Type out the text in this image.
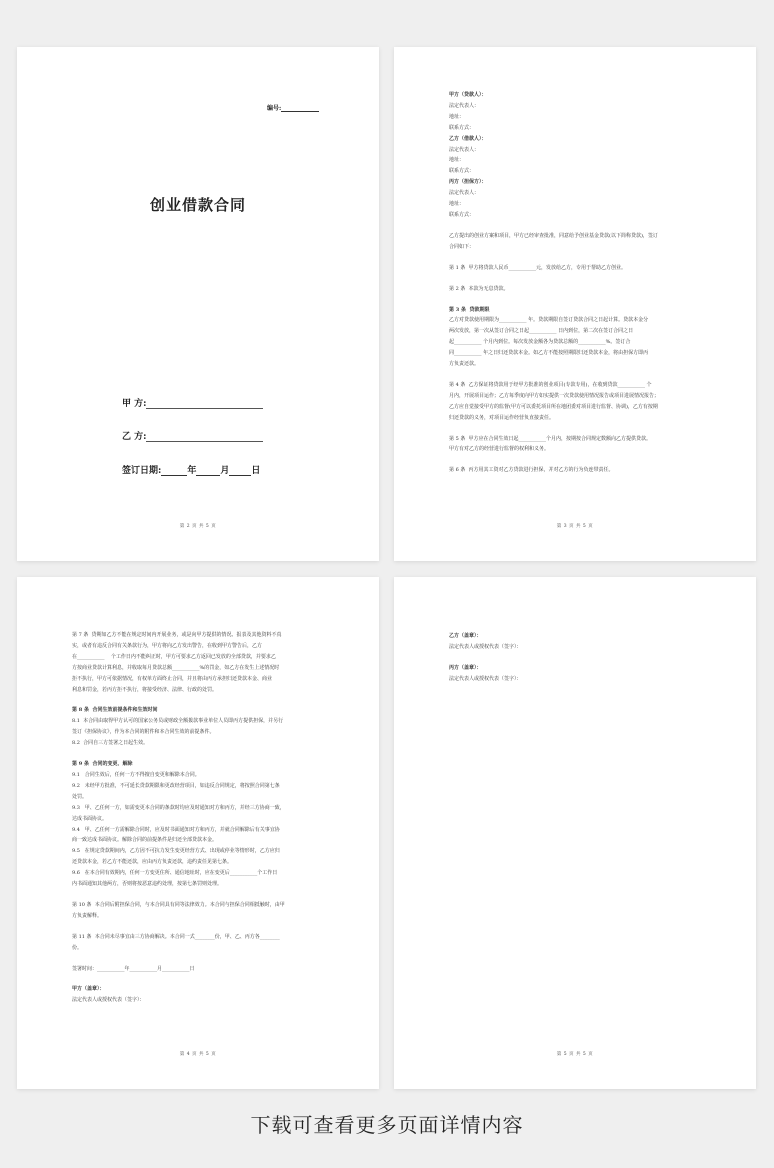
编号:
创业借款合同
甲 方:
乙 方:
签订日期:	年	月 日
第 2 页 共 5 页

甲方（贷款人）：

法定代表人：

地址：

联系方式：

乙方（借款人）：

法定代表人：

地址：

联系方式：

丙方（担保方）：

法定代表人：

地址：

联系方式：

乙方提出的创业方案和项目，甲方已经审查批准，同意给予创业基金贷款(以下简称贷款)，签订

合同如下：

第 1 条  甲方将贷款人民币___________元，发放给乙方，专用于帮助乙方创业。

第 2 条  本款为无息贷款。

第 3 条  贷款期限

乙方对贷款使用期限为___________ 年。贷款期限自签订贷款合同之日起计算。贷款本金分

两次发放，第一次从签订合同之日起___________ 日内到位，第二次在签订合同之日

起___________ 个月内到位。每次发放金额各为贷款总额的___________%。签订合

同___________ 年之日归还贷款本金。如乙方不能按照期限归还贷款本金，将由担保方即丙

方负责还款。

第 4 条  乙方保证将贷款用于经甲方批准的创业项目(专款专用)，在收到贷款___________ 个

月内，开展项目运作；乙方每季度向甲方如实提供一次贷款使用情况报告或项目进展情况报告；

乙方应自觉接受甲方的监督(甲方可以委托项目所在地团委对项目进行监督、协调)，乙方有按期

归还贷款的义务，对项目运作经营负直接责任。

第 5 条  甲方应在合同生效日起___________个月内，按期按合同规定数额向乙方提供贷款。

甲方有对乙方的经营进行监督的权利和义务。

第 6 条  丙方用其工资对乙方贷款进行担保，并对乙方的行为负连带责任。

第 3 页 共 5 页

第 7 条  贷期如乙方不能在规定时间内开展业务，或是向甲方提供的情况、报表及其他资料不真

实，或者有违反合同有关条款行为，甲方将向乙方发出警告，在收到甲方警告后，乙方

在___________    个工作日内不能纠正时，甲方可要求乙方返回已发放的全部贷款，并要求乙

方按商业贷款计算利息，并收取每月贷款总额___________%的罚金，如乙方在发生上述情况时

拒不执行，甲方可依据情况，有权单方面终止合同，并且将由丙方承担归还贷款本金、商业

利息和罚金，若丙方拒不执行，将接受经济、法律、行政的处罚。

第 8 条  合同生效前提条件和生效时间

8.1  本合同由取得甲方认可的国家公务员或财政全额拨款事业单位人员即丙方提供担保，并另行

签订《担保协议》，作为本合同的附件和本合同生效的前提条件。

8.2  合同自三方签署之日起生效。

第 9 条  合同的变更、解除

9.1   合同生效后，任何一方不得擅自变更和解除本合同。

9.2   未经甲方批准，不可延长贷款期限和更改经营项目，如违反合同规定，将按照合同第七条

处罚。

9.3   甲、乙任何一方，如需变更本合同的条款时均应及时通知对方和丙方，并经三方协商一致，

达成书面协议。

9.4   甲、乙任何一方需解除合同时，应及时书面通知对方和丙方，并就合同解除后有关事宜协

商一致达成书面协议。解除合同的前提条件是归还全部贷款本金。

9.5   在规定贷款期间内，乙方因不可抗力发生变更经营方式、出现或停业等情形时，乙方应归

还贷款本金，若乙方不能还款，应由丙方负责还款，违约责任见第七条。

9.6   在本合同有效期内，任何一方变更住所、通信地址时，应在变更后___________个工作日

内书面通知其他两方，否则将按恶意违约处理，按第七条罚则处理。

第 10 条  本合同后附担保合同，与本合同具有同等法律效力。本合同与担保合同相抵触时，由甲

方负责解释。

第 11 条  本合同未尽事宜由三方协商解决。本合同一式________份，甲、乙、丙方各________

份。

签署时间：___________年___________月___________日

甲方（盖章）：

法定代表人或授权代表（签字）：

第 4 页 共 5 页

乙方（盖章）：

法定代表人或授权代表（签字）：

丙方（盖章）：

法定代表人或授权代表（签字）：

第 5 页 共 5 页
下载可查看更多页面详情内容
